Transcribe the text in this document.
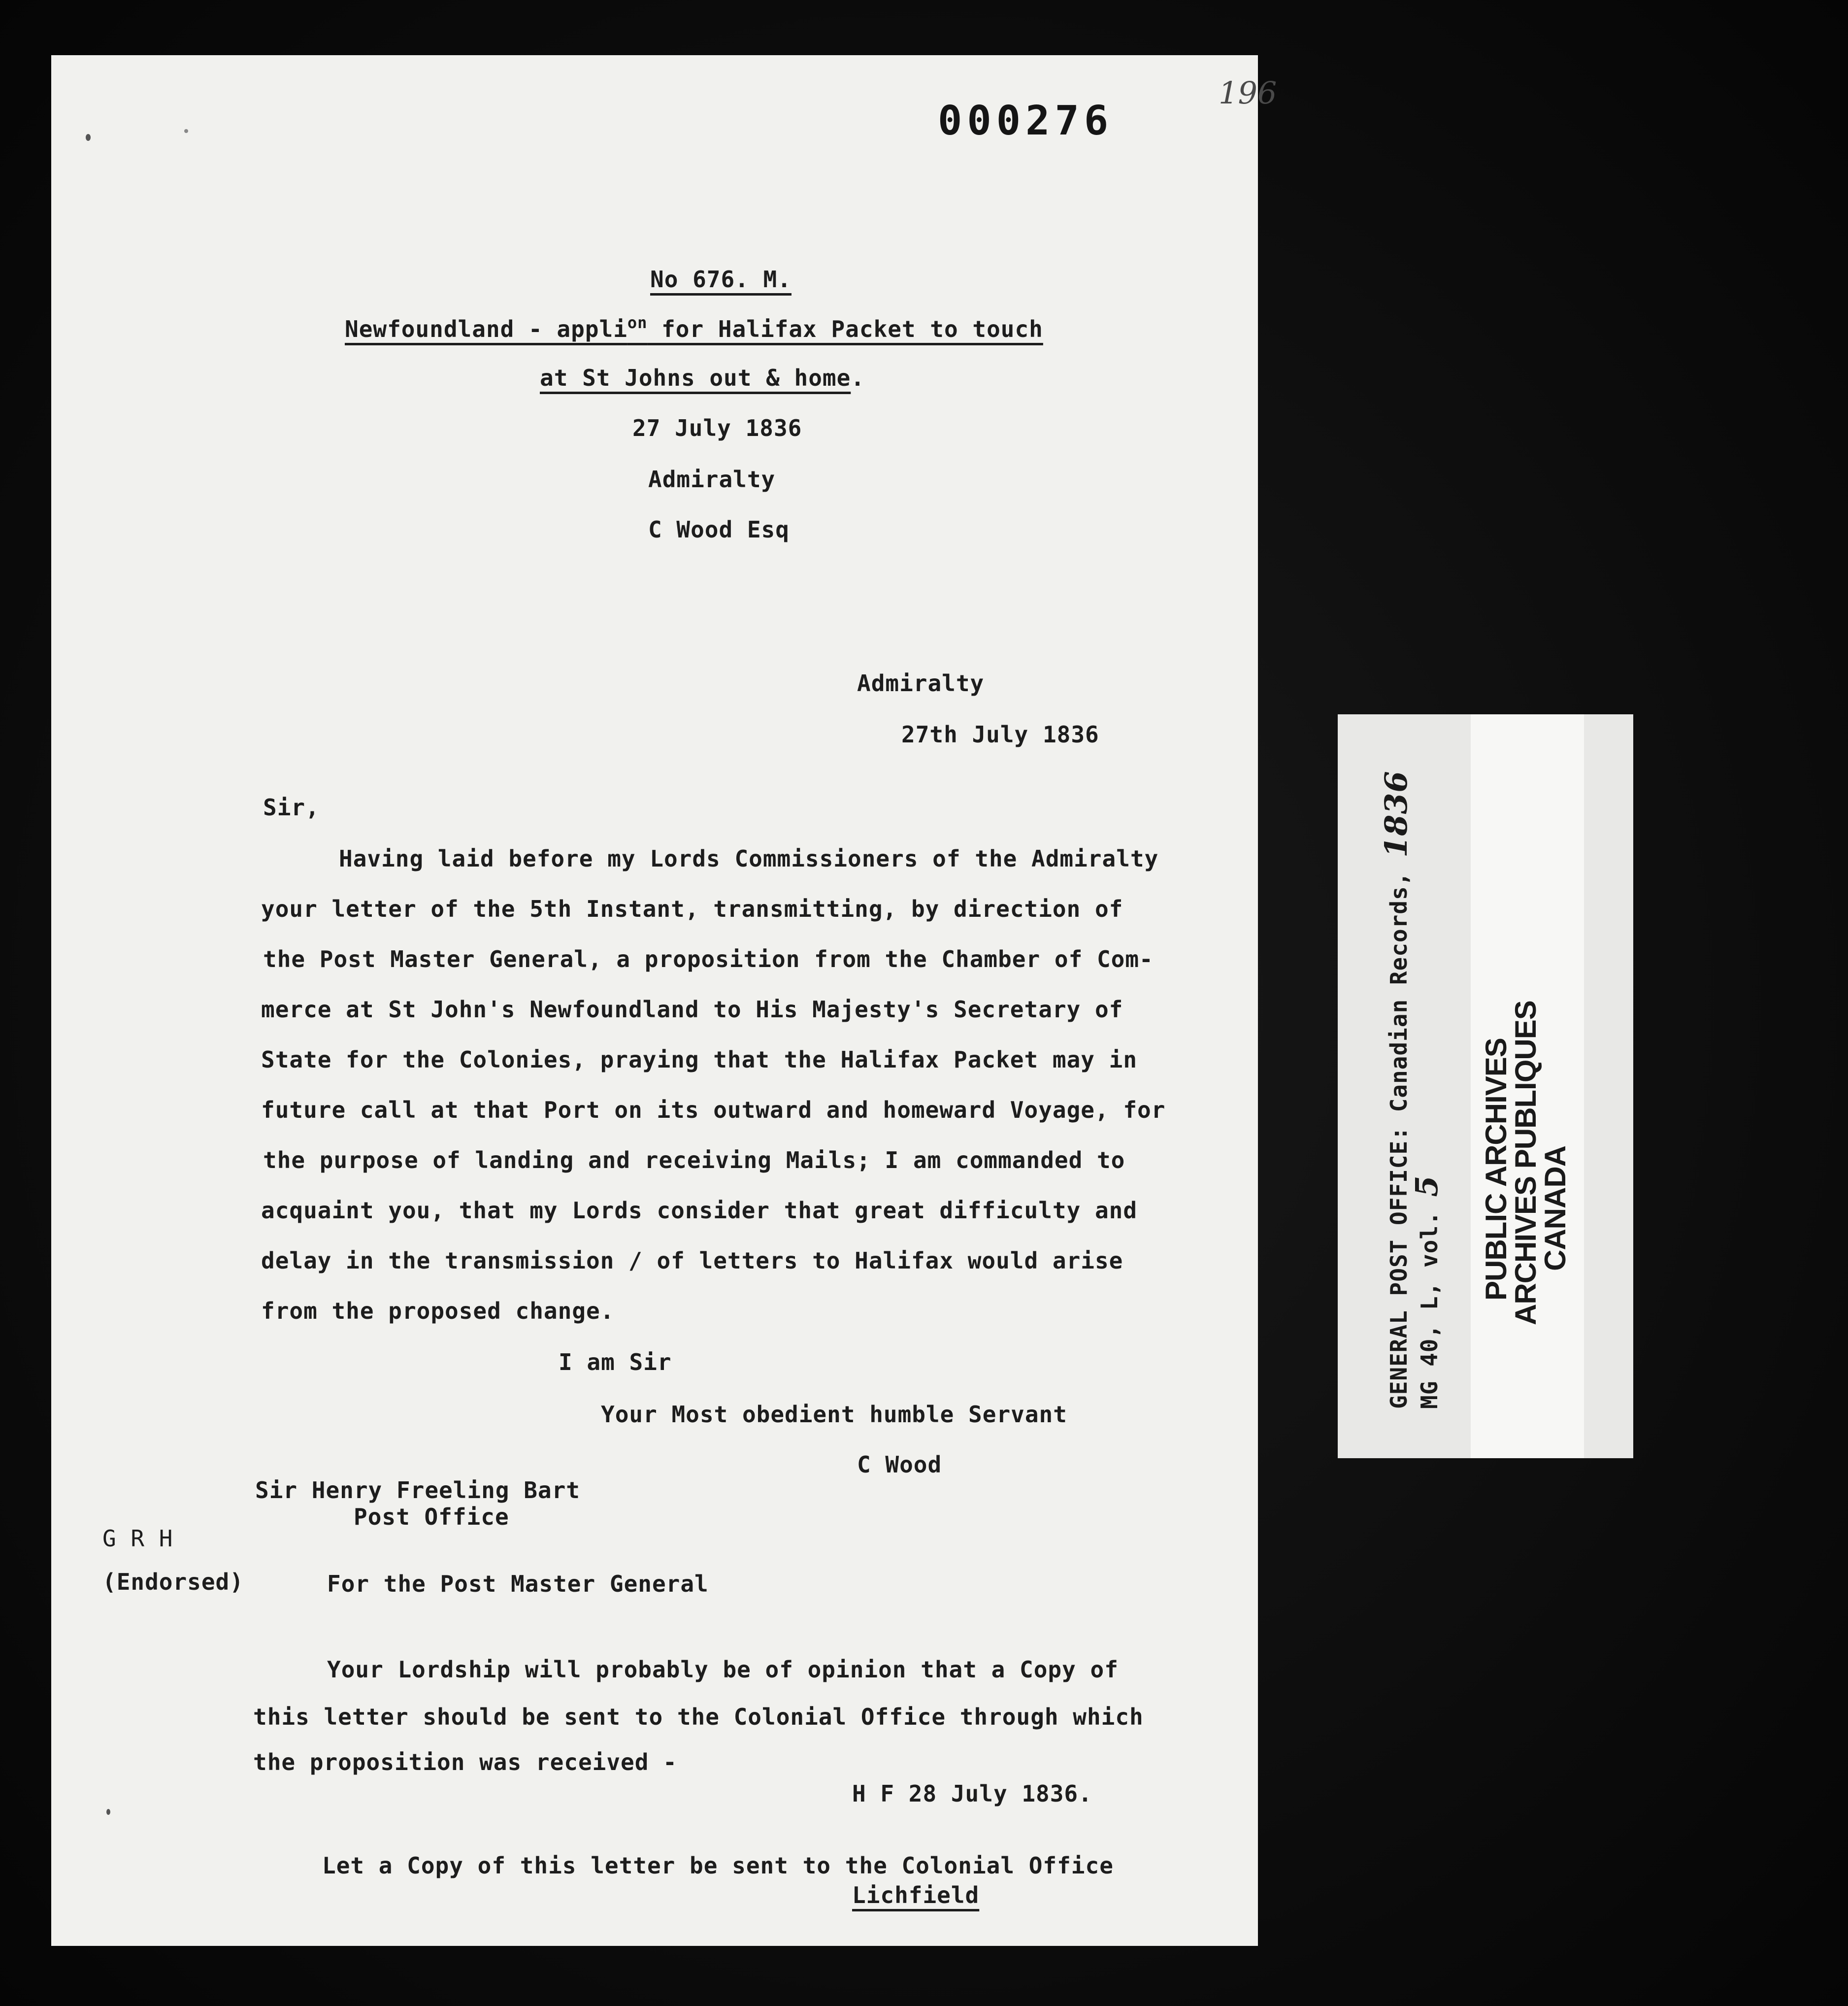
196
000276
No 676. M.
Newfoundland - appli$^{on}$ for Halifax Packet to touch
at St Johns out & home.
27 July 1836
Admiralty
C Wood Esq
Admiralty
27th July 1836
Sir,
Having laid before my Lords Commissioners of the Admiralty
your letter of the 5th Instant, transmitting, by direction of
the Post Master General, a proposition from the Chamber of Com-
merce at St John's Newfoundland to His Majesty's Secretary of
State for the Colonies, praying that the Halifax Packet may in
future call at that Port on its outward and homeward Voyage, for
the purpose of landing and receiving Mails; I am commanded to
acquaint you, that my Lords consider that great difficulty and
delay in the transmission / of letters to Halifax would arise
from the proposed change.
I am Sir
Your Most obedient humble Servant
C Wood
Sir Henry Freeling Bart
Post Office
G R H
(Endorsed)	For the Post Master General
Your Lordship will probably be of opinion that a Copy of
this letter should be sent to the Colonial Office through which
the proposition was received -
H F 28 July 1836.
Let a Copy of this letter be sent to the Colonial Office
Lichfield
GENERAL POST OFFICE: Canadian Records, 1836
MG 40, L, vol. 5 PUBLIC ARCHIVES
ARCHIVES PUBLIQUES
CANADA
